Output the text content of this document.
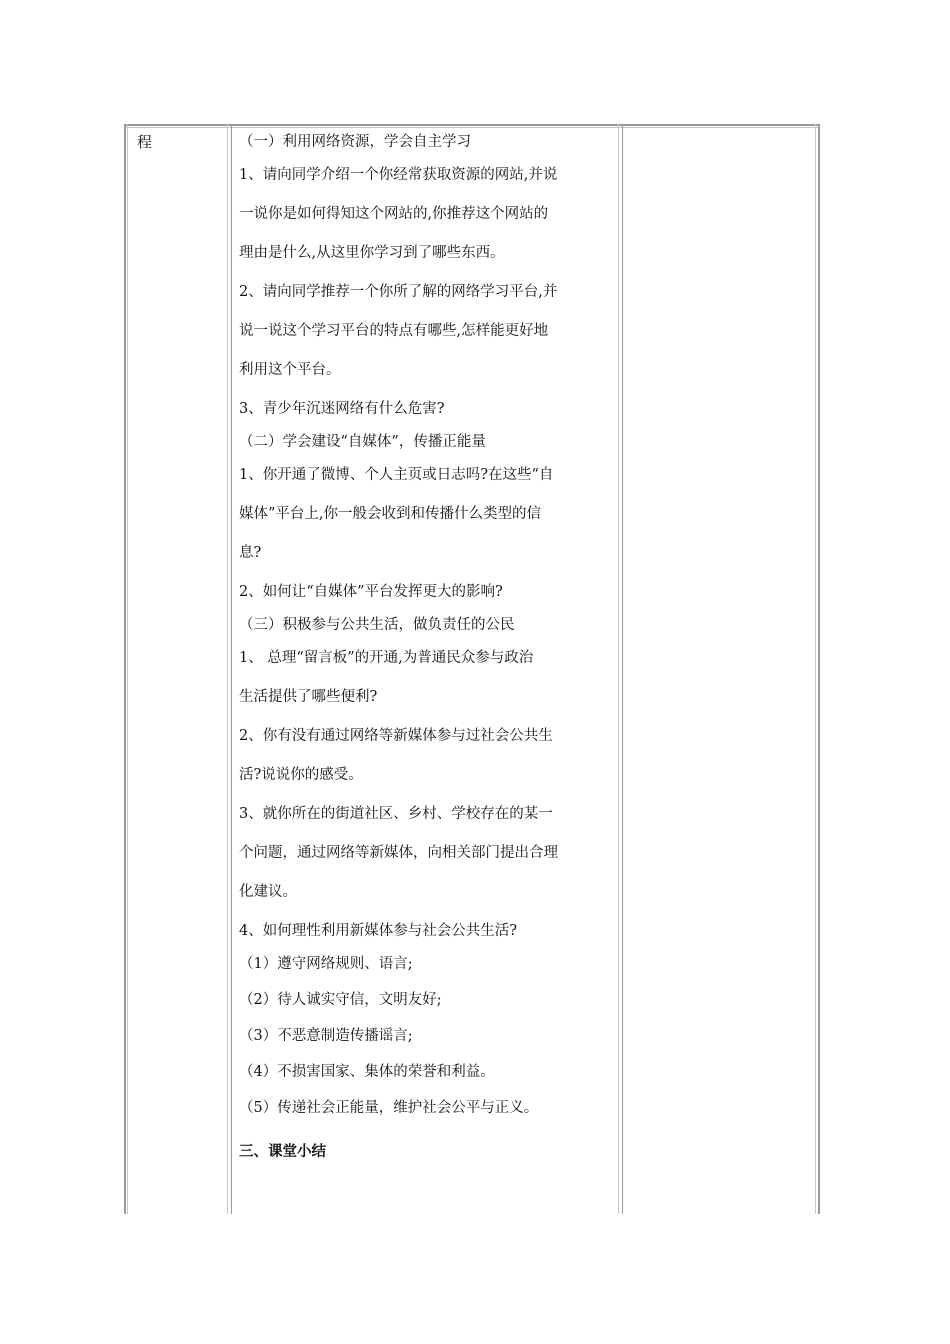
程	（一）利用网络资源，学会自主学习
1、请向同学介绍一个你经常获取资源的网站,并说
一说你是如何得知这个网站的,你推荐这个网站的
理由是什么,从这里你学习到了哪些东西。
2、请向同学推荐一个你所了解的网络学习平台,并
说一说这个学习平台的特点有哪些,怎样能更好地
利用这个平台。
3、青少年沉迷网络有什么危害?
（二）学会建设“自媒体”，传播正能量
1、你开通了微博、个人主页或日志吗?在这些“自
媒体”平台上,你一般会收到和传播什么类型的信
息?
2、如何让“自媒体”平台发挥更大的影响?
（三）积极参与公共生活，做负责任的公民
1、 总理“留言板”的开通,为普通民众参与政治
生活提供了哪些便利?
2、你有没有通过网络等新媒体参与过社会公共生
活?说说你的感受。
3、就你所在的街道社区、乡村、学校存在的某一
个问题，通过网络等新媒体，向相关部门提出合理
化建议。
4、如何理性利用新媒体参与社会公共生活?
（1）遵守网络规则、语言;
（2）待人诚实守信，文明友好;
（3）不恶意制造传播谣言;
（4）不损害国家、集体的荣誉和利益。
（5）传递社会正能量，维护社会公平与正义。
三、课堂小结
